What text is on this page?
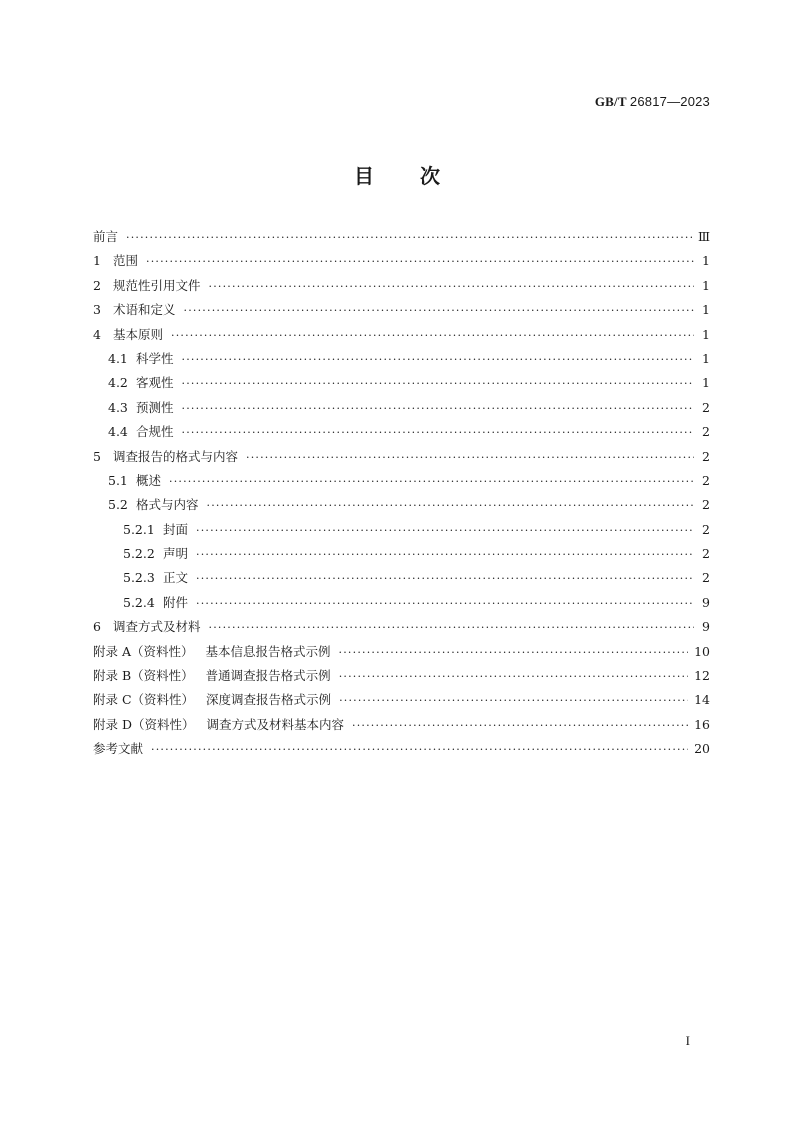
GB/T 26817—2023
目 次
前言 ·····	Ⅲ
1 范围 ·····	1
2 规范性引用文件 ·····	1
3 术语和定义 ·····	1
4 基本原则 ·····	1
4.1 科学性 ·····	1
4.2 客观性 ·····	1
4.3 预测性 ·····	2
4.4 合规性 ·····	2
5 调查报告的格式与内容 ·····	2
5.1 概述 ·····	2
5.2 格式与内容 ·····	2
5.2.1 封面 ·····	2
5.2.2 声明 ·····	2
5.2.3 正文 ·····	2
5.2.4 附件 ·····	9
6 调查方式及材料 ·····	9
附录 A（资料性） 基本信息报告格式示例 ·····	10
附录 B（资料性） 普通调查报告格式示例 ·····	12
附录 C（资料性） 深度调查报告格式示例 ·····	14
附录 D（资料性） 调查方式及材料基本内容 ·····	16
参考文献 ·····	20
I
